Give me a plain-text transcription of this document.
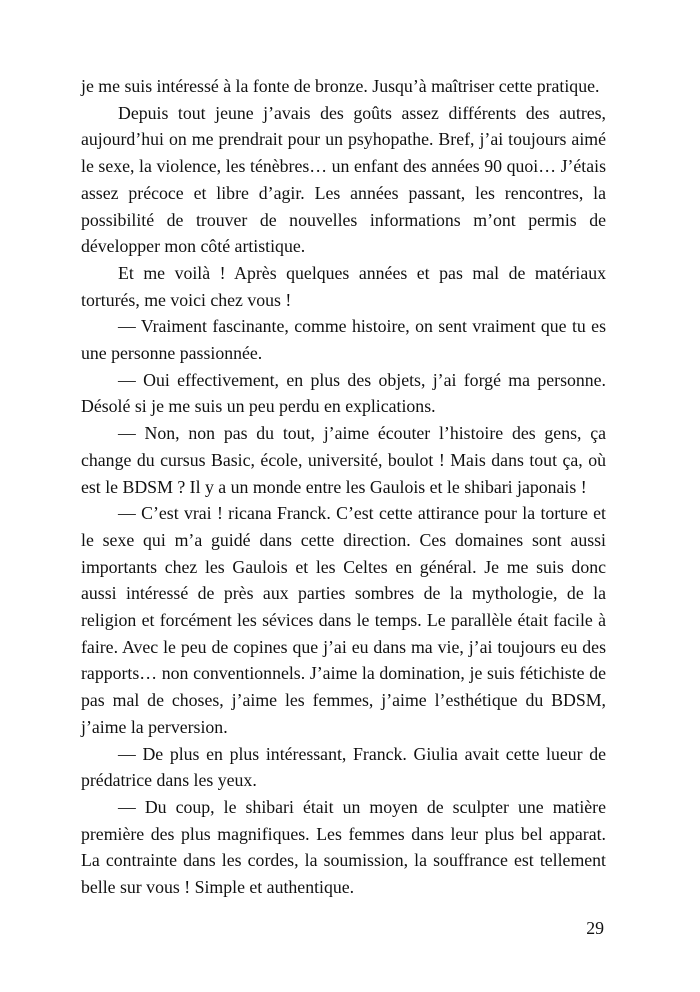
je me suis intéressé à la fonte de bronze. Jusqu’à maîtriser cette pratique.

Depuis tout jeune j’avais des goûts assez différents des autres, aujourd’hui on me prendrait pour un psyhopathe. Bref, j’ai toujours aimé le sexe, la violence, les ténèbres… un enfant des années 90 quoi… J’étais assez précoce et libre d’agir. Les années passant, les rencontres, la possibilité de trouver de nouvelles informations m’ont permis de développer mon côté artistique.

Et me voilà ! Après quelques années et pas mal de matériaux torturés, me voici chez vous !

— Vraiment fascinante, comme histoire, on sent vraiment que tu es une personne passionnée.

— Oui effectivement, en plus des objets, j’ai forgé ma personne. Désolé si je me suis un peu perdu en explications.

— Non, non pas du tout, j’aime écouter l’histoire des gens, ça change du cursus Basic, école, université, boulot ! Mais dans tout ça, où est le BDSM ? Il y a un monde entre les Gaulois et le shibari japonais !

— C’est vrai ! ricana Franck. C’est cette attirance pour la torture et le sexe qui m’a guidé dans cette direction. Ces domaines sont aussi importants chez les Gaulois et les Celtes en général. Je me suis donc aussi intéressé de près aux parties sombres de la mythologie, de la religion et forcément les sévices dans le temps. Le parallèle était facile à faire. Avec le peu de copines que j’ai eu dans ma vie, j’ai toujours eu des rapports… non conventionnels. J’aime la domination, je suis fétichiste de pas mal de choses, j’aime les femmes, j’aime l’esthétique du BDSM, j’aime la perversion.

— De plus en plus intéressant, Franck. Giulia avait cette lueur de prédatrice dans les yeux.

— Du coup, le shibari était un moyen de sculpter une matière première des plus magnifiques. Les femmes dans leur plus bel apparat. La contrainte dans les cordes, la soumission, la souffrance est tellement belle sur vous ! Simple et authentique.

29
